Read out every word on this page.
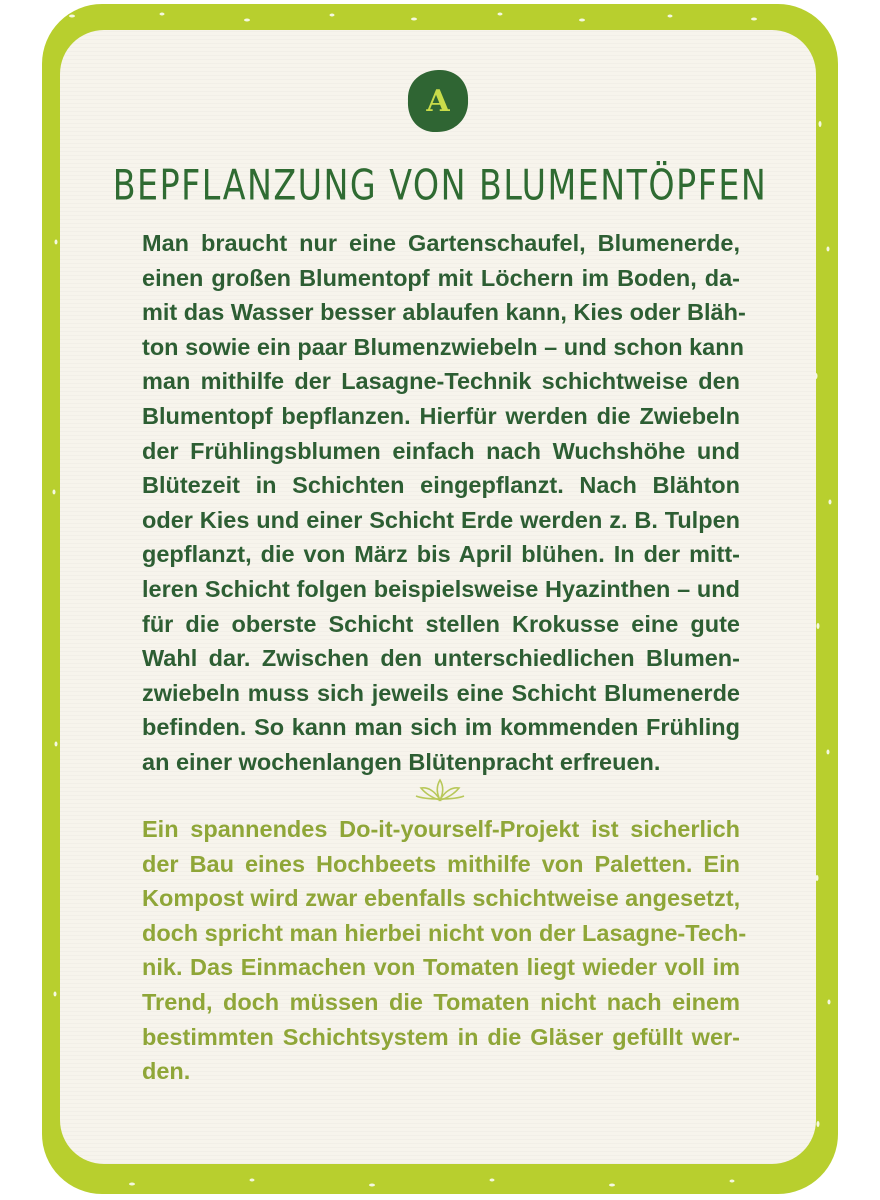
A
BEPFLANZUNG VON BLUMENTÖPFEN

Man braucht nur eine Gartenschaufel, Blumenerde,
einen großen Blumentopf mit Löchern im Boden, da-
mit das Wasser besser ablaufen kann, Kies oder Bläh-
ton sowie ein paar Blumenzwiebeln – und schon kann
man mithilfe der Lasagne-Technik schichtweise den
Blumentopf bepflanzen. Hierfür werden die Zwiebeln
der Frühlingsblumen einfach nach Wuchshöhe und
Blütezeit in Schichten eingepflanzt. Nach Blähton
oder Kies und einer Schicht Erde werden z. B. Tulpen
gepflanzt, die von März bis April blühen. In der mitt-
leren Schicht folgen beispielsweise Hyazinthen – und
für die oberste Schicht stellen Krokusse eine gute
Wahl dar. Zwischen den unterschiedlichen Blumen-
zwiebeln muss sich jeweils eine Schicht Blumenerde
befinden. So kann man sich im kommenden Frühling
an einer wochenlangen Blütenpracht erfreuen.

Ein spannendes Do-it-yourself-Projekt ist sicherlich
der Bau eines Hochbeets mithilfe von Paletten. Ein
Kompost wird zwar ebenfalls schichtweise angesetzt,
doch spricht man hierbei nicht von der Lasagne-Tech-
nik. Das Einmachen von Tomaten liegt wieder voll im
Trend, doch müssen die Tomaten nicht nach einem
bestimmten Schichtsystem in die Gläser gefüllt wer-
den.
